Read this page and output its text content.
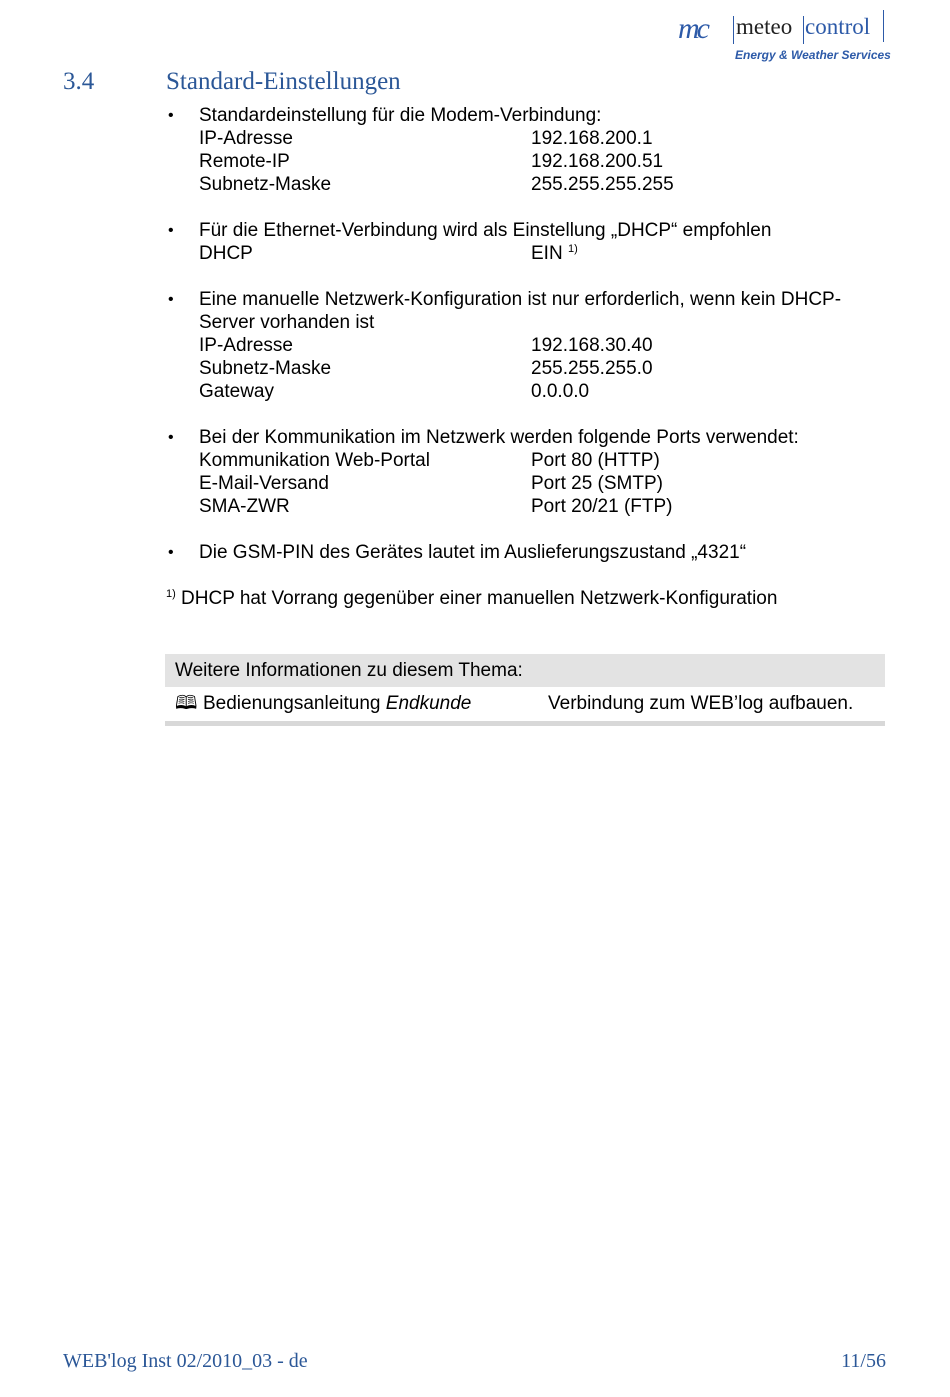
mc meteo control
Energy & Weather Services
3.4	Standard-Einstellungen
• Standardeinstellung für die Modem-Verbindung:
IP-Adresse	192.168.200.1
Remote-IP	192.168.200.51
Subnetz-Maske	255.255.255.255
• Für die Ethernet-Verbindung wird als Einstellung „DHCP“ empfohlen
DHCP	EIN $^{1)}$
• Eine manuelle Netzwerk-Konfiguration ist nur erforderlich, wenn kein DHCP-
Server vorhanden ist
IP-Adresse	192.168.30.40
Subnetz-Maske	255.255.255.0
Gateway	0.0.0.0
• Bei der Kommunikation im Netzwerk werden folgende Ports verwendet:
Kommunikation Web-Portal	Port 80 (HTTP)
E-Mail-Versand	Port 25 (SMTP)
SMA-ZWR	Port 20/21 (FTP)
• Die GSM-PIN des Gerätes lautet im Auslieferungszustand „4321“
$^{1)}$ DHCP hat Vorrang gegenüber einer manuellen Netzwerk-Konfiguration
Weitere Informationen zu diesem Thema:
🕮 Bedienungsanleitung Endkunde	Verbindung zum WEB’log aufbauen.
WEB'log Inst 02/2010_03 - de	11/56
